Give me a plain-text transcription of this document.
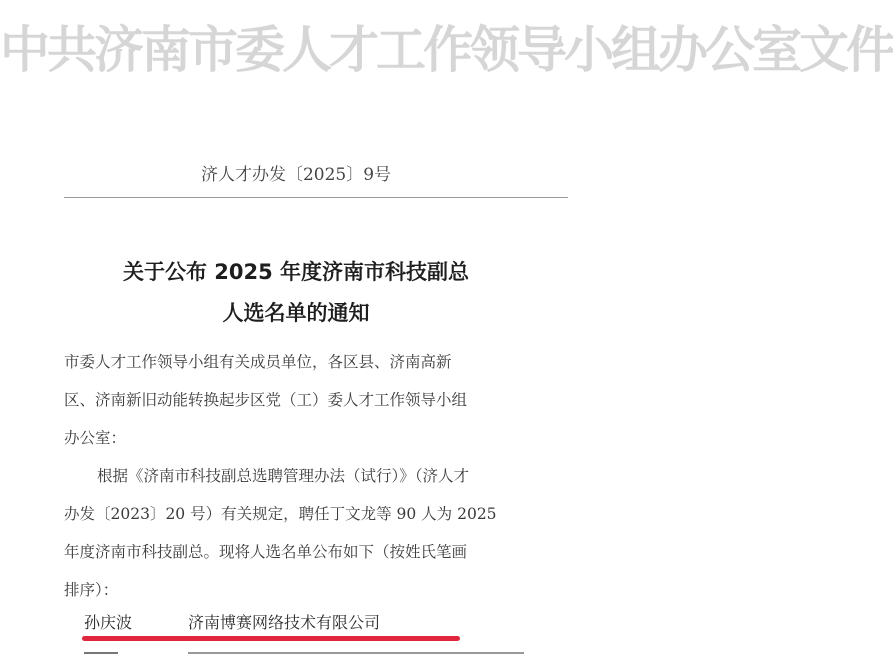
中共济南市委人才工作领导小组办公室文件
济人才办发〔2025〕9号
关于公布 2025 年度济南市科技副总
人选名单的通知
市委人才工作领导小组有关成员单位，各区县、济南高新
区、济南新旧动能转换起步区党（工）委人才工作领导小组
办公室：
根据《济南市科技副总选聘管理办法（试行）》（济人才
办发〔2023〕20 号）有关规定，聘任丁文龙等 90 人为 2025
年度济南市科技副总。现将人选名单公布如下（按姓氏笔画
排序）：
孙庆波	济南博赛网络技术有限公司
